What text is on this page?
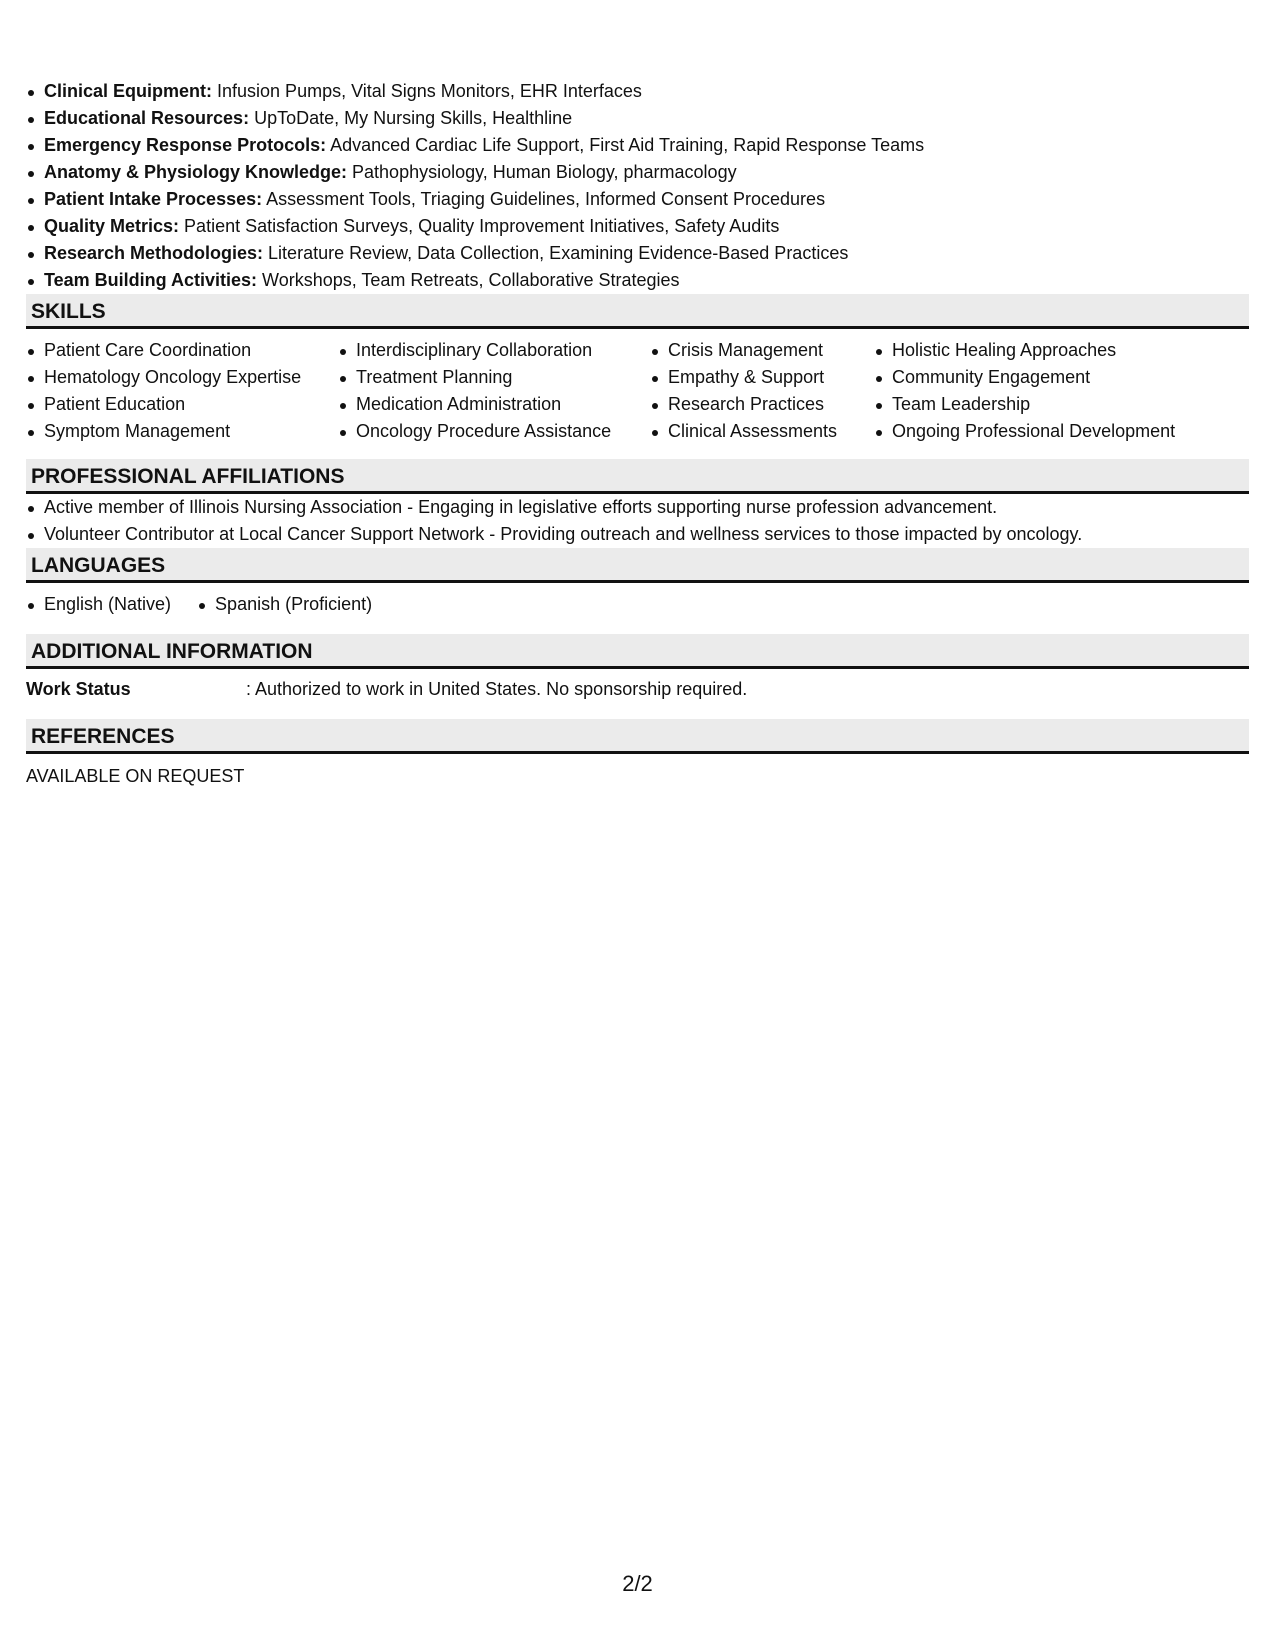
Clinical Equipment: Infusion Pumps, Vital Signs Monitors, EHR Interfaces
Educational Resources: UpToDate, My Nursing Skills, Healthline
Emergency Response Protocols: Advanced Cardiac Life Support, First Aid Training, Rapid Response Teams
Anatomy & Physiology Knowledge: Pathophysiology, Human Biology, pharmacology
Patient Intake Processes: Assessment Tools, Triaging Guidelines, Informed Consent Procedures
Quality Metrics: Patient Satisfaction Surveys, Quality Improvement Initiatives, Safety Audits
Research Methodologies: Literature Review, Data Collection, Examining Evidence-Based Practices
Team Building Activities: Workshops, Team Retreats, Collaborative Strategies
SKILLS
Patient Care Coordination
Hematology Oncology Expertise
Patient Education
Symptom Management
Interdisciplinary Collaboration
Treatment Planning
Medication Administration
Oncology Procedure Assistance
Crisis Management
Empathy & Support
Research Practices
Clinical Assessments
Holistic Healing Approaches
Community Engagement
Team Leadership
Ongoing Professional Development
PROFESSIONAL AFFILIATIONS
Active member of Illinois Nursing Association - Engaging in legislative efforts supporting nurse profession advancement.
Volunteer Contributor at Local Cancer Support Network - Providing outreach and wellness services to those impacted by oncology.
LANGUAGES
English (Native)	Spanish (Proficient)
ADDITIONAL INFORMATION
Work Status	: Authorized to work in United States. No sponsorship required.
REFERENCES
AVAILABLE ON REQUEST
2/2
